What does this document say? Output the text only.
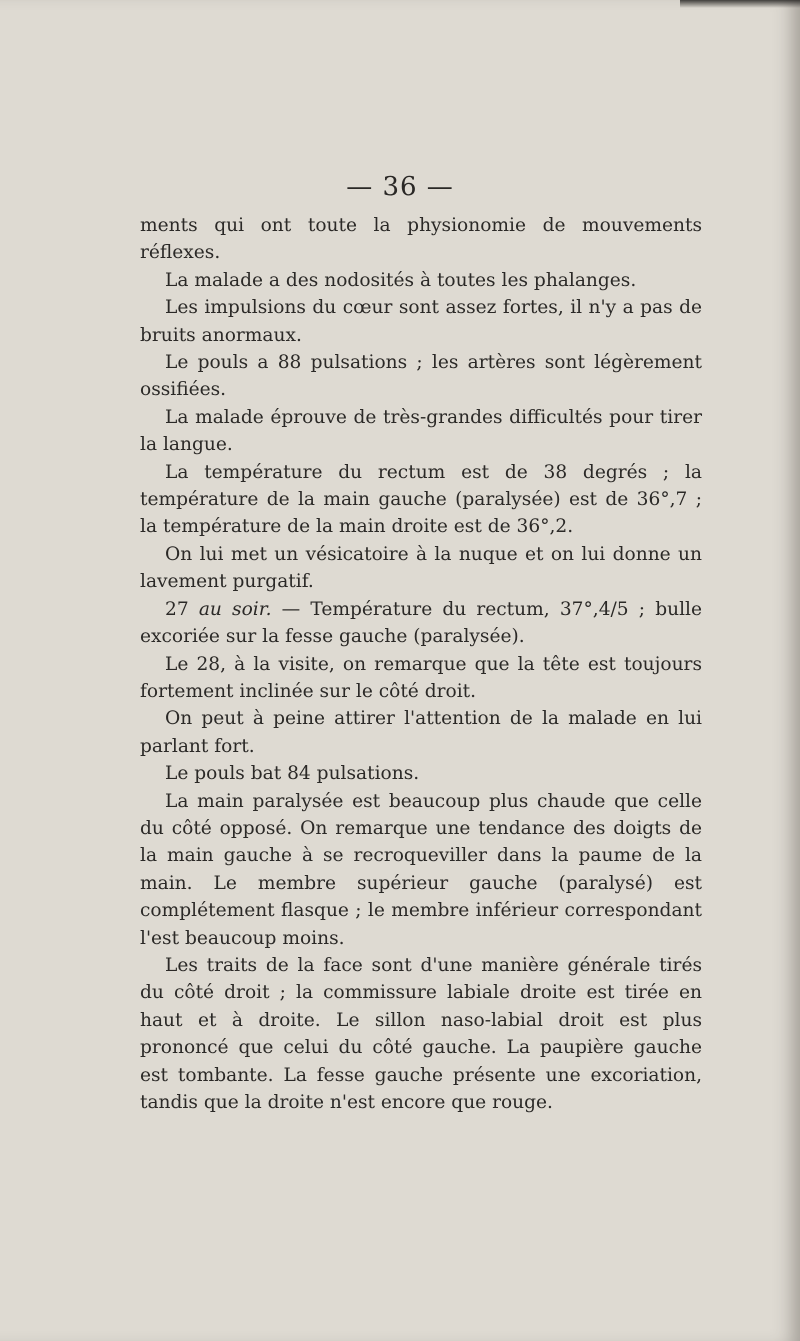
— 36 —

ments qui ont toute la physionomie de mouvements réflexes.

La malade a des nodosités à toutes les phalanges.

Les impulsions du cœur sont assez fortes, il n'y a pas de bruits anormaux.

Le pouls a 88 pulsations ; les artères sont légèrement ossifiées.

La malade éprouve de très-grandes difficultés pour tirer la langue.

La température du rectum est de 38 degrés ; la température de la main gauche (paralysée) est de 36°,7 ; la température de la main droite est de 36°,2.

On lui met un vésicatoire à la nuque et on lui donne un lavement purgatif.

27 au soir. — Température du rectum, 37°,4/5 ; bulle excoriée sur la fesse gauche (paralysée).

Le 28, à la visite, on remarque que la tête est toujours fortement inclinée sur le côté droit.

On peut à peine attirer l'attention de la malade en lui parlant fort.

Le pouls bat 84 pulsations.

La main paralysée est beaucoup plus chaude que celle du côté opposé. On remarque une tendance des doigts de la main gauche à se recroqueviller dans la paume de la main. Le membre supérieur gauche (paralysé) est complétement flasque ; le membre inférieur correspondant l'est beaucoup moins.

Les traits de la face sont d'une manière générale tirés du côté droit ; la commissure labiale droite est tirée en haut et à droite. Le sillon naso-labial droit est plus prononcé que celui du côté gauche. La paupière gauche est tombante. La fesse gauche présente une excoriation, tandis que la droite n'est encore que rouge.
